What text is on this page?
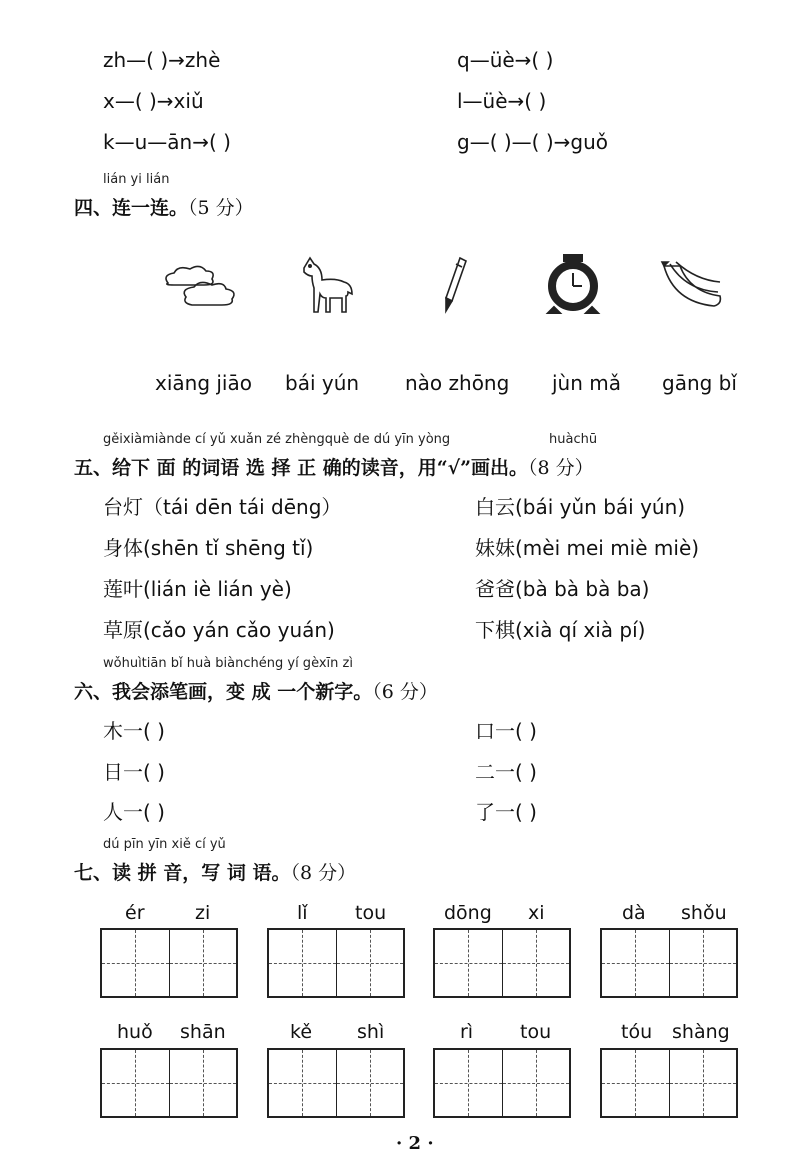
zh—( )→zhè	q—üè→( )
x—( )→xiǔ	l—üè→( )
k—u—ān→( )	g—( )—( )→guǒ
lián yi lián
四、连一连。（5 分）
xiāng jiāo bái yún nào zhōng jùn mǎ gāng bǐ
gěixiàmiànde cí yǔ xuǎn zé zhèngquè de dú yīn yòng	huàchū
五、给下 面 的词语 选 择 正 确的读音，用“√”画出。（8 分）
台灯（tái dēn tái dēng）	白云(bái yǔn bái yún)
身体(shēn tǐ shēng tǐ)	妹妹(mèi mei miè miè)
莲叶(lián iè lián yè)	爸爸(bà bà bà ba)
草原(cǎo yán cǎo yuán)	下棋(xià qí xià pí)
wǒhuìtiān bǐ huà biànchéng yí gèxīn zì
六、我会添笔画，变 成 一个新字。（6 分）
木一( )	口一( )
日一( )	二一( )
人一( )	了一( )
dú pīn yīn xiě cí yǔ
七、读 拼 音，写 词 语。（8 分）
ér	zi	lǐ tou	dōng xi	dà shǒu
huǒ shān	kě shì	rì tou	tóu shàng
· 2 ·
